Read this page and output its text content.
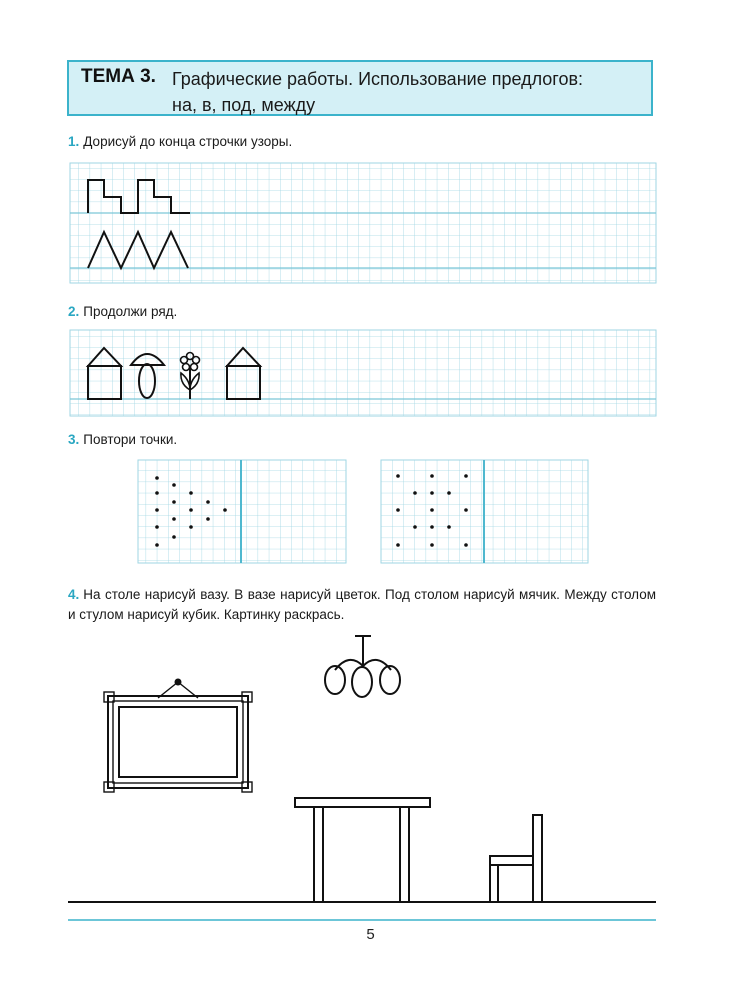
ТЕМА 3. Графические работы. Использование предлогов:
на, в, под, между
1. Дорисуй до конца строчки узоры.
2. Продолжи ряд.
3. Повтори точки.
4. На столе нарисуй вазу. В вазе нарисуй цветок. Под столом нарисуй мячик. Между столом и стулом нарисуй кубик. Картинку раскрась.
5
